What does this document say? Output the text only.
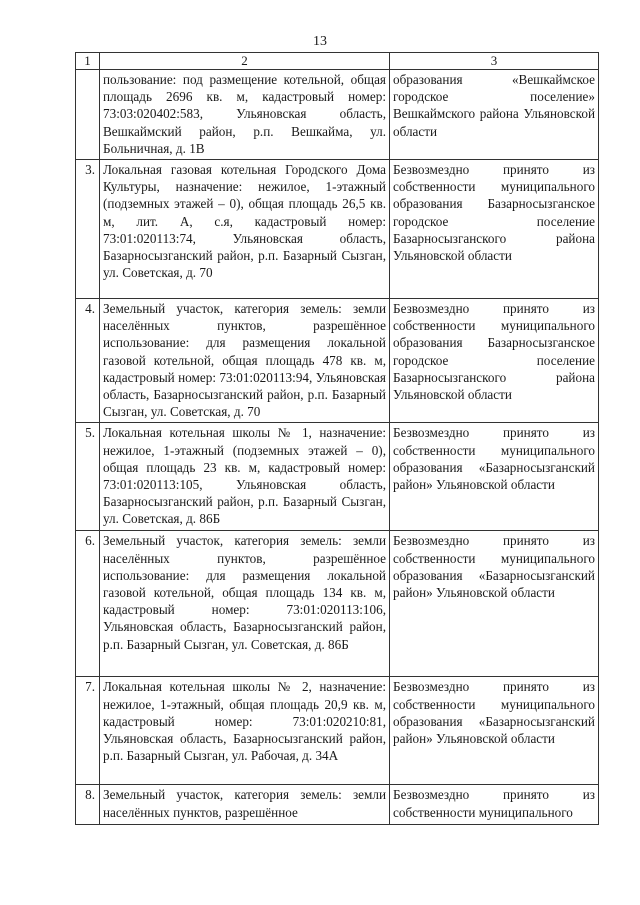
13
1	2	3
	пользование: под размещение котельной, общая площадь 2696 кв. м, кадастровый номер: 73:03:020402:583, Ульяновская область, Вешкаймский район, р.п. Вешкайма, ул. Больничная, д. 1В	образования «Вешкаймское городское поселение» Вешкаймского района Ульяновской области
3.	Локальная газовая котельная Городского Дома Культуры, назначение: нежилое, 1-этажный (подземных этажей – 0), общая площадь 26,5 кв. м, лит. А, с.я, кадастровый номер: 73:01:020113:74, Ульяновская область, Базарносызганский район, р.п. Базарный Сызган, ул. Советская, д. 70	Безвозмездно принято из собственности муниципального образования Базарносызганское городское поселение Базарносызганского района Ульяновской области
4.	Земельный участок, категория земель: земли населённых пунктов, разрешённое использование: для размещения локальной газовой котельной, общая площадь 478 кв. м, кадастровый номер: 73:01:020113:94, Ульяновская область, Базарносызганский район, р.п. Базарный Сызган, ул. Советская, д. 70	Безвозмездно принято из собственности муниципального образования Базарносызганское городское поселение Базарносызганского района Ульяновской области
5.	Локальная котельная школы № 1, назначение: нежилое, 1-этажный (подземных этажей – 0), общая площадь 23 кв. м, кадастровый номер: 73:01:020113:105, Ульяновская область, Базарносызганский район, р.п. Базарный Сызган, ул. Советская, д. 86Б	Безвозмездно принято из собственности муниципального образования «Базарносызганский район» Ульяновской области
6.	Земельный участок, категория земель: земли населённых пунктов, разрешённое использование: для размещения локальной газовой котельной, общая площадь 134 кв. м, кадастровый номер: 73:01:020113:106, Ульяновская область, Базарносызганский район, р.п. Базарный Сызган, ул. Советская, д. 86Б	Безвозмездно принято из собственности муниципального образования «Базарносызганский район» Ульяновской области
7.	Локальная котельная школы № 2, назначение: нежилое, 1-этажный, общая площадь 20,9 кв. м, кадастровый номер: 73:01:020210:81, Ульяновская область, Базарносызганский район, р.п. Базарный Сызган, ул. Рабочая, д. 34А	Безвозмездно принято из собственности муниципального образования «Базарносызганский район» Ульяновской области
8.	Земельный участок, категория земель: земли населённых пунктов, разрешённое	Безвозмездно принято из собственности муниципального
